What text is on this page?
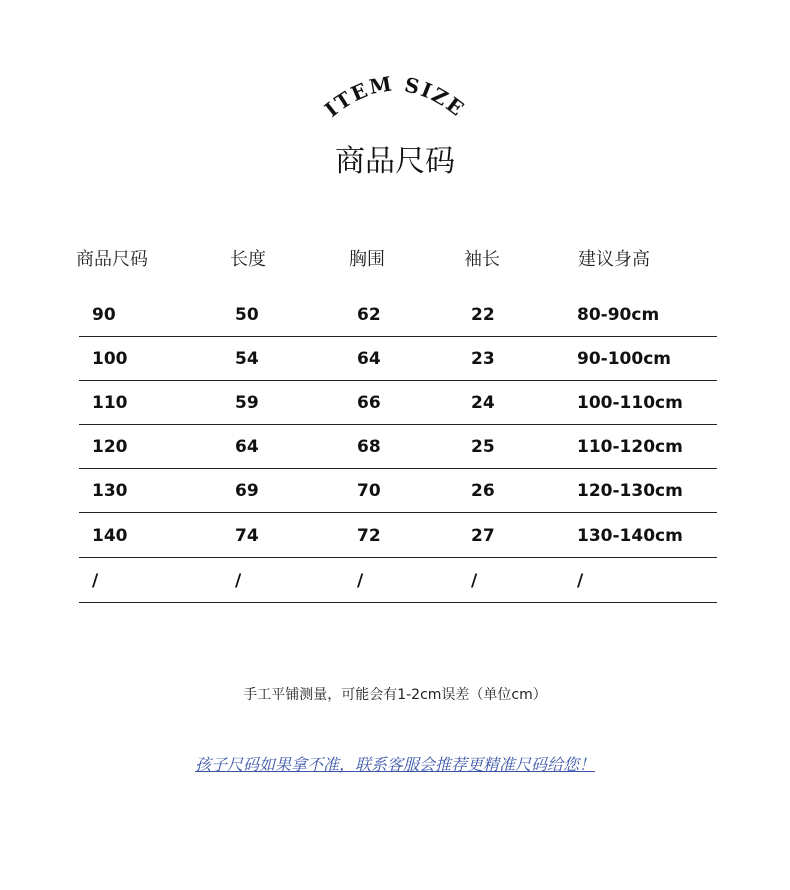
ITEM SIZE
商品尺码
商品尺码	长度	胸围	袖长	建议身高
90	50	62	22	80-90cm
100	54	64	23	90-100cm
110	59	66	24	100-110cm
120	64	68	25	110-120cm
130	69	70	26	120-130cm
140	74	72	27	130-140cm
/	/	/	/	/
手工平铺测量，可能会有1-2cm误差（单位cm）
孩子尺码如果拿不准，联系客服会推荐更精准尺码给您！
